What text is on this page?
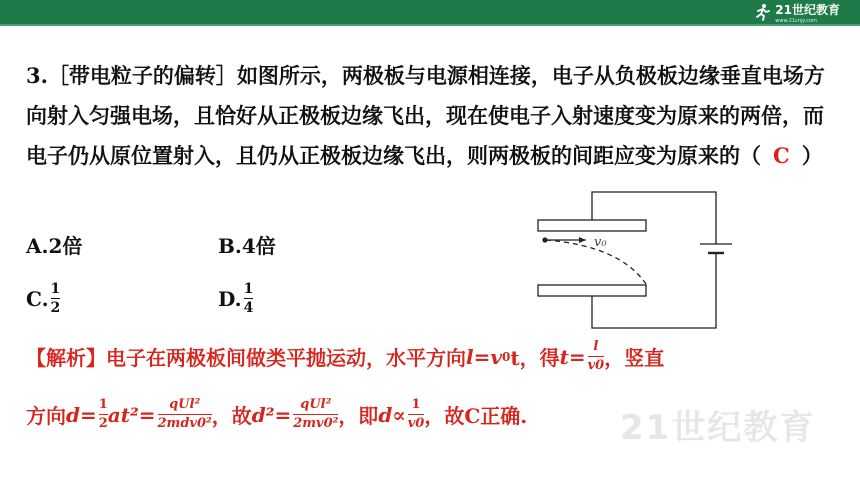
21世纪教育
www.21cnjy.com
3.［带电粒子的偏转］如图所示，两极板与电源相连接，电子从负极板边缘垂直电场方向射入匀强电场，且恰好从正极板边缘飞出，现在使电子入射速度变为原来的两倍，而电子仍从原位置射入，且仍从正极板边缘飞出，则两极板的间距应变为原来的（ C ）
A.2倍	B.4倍
C. $\frac{1}{2}$	D. $\frac{1}{4}$
v₀
【解析】 电子在两极板间做类平抛运动，水平方向 l=v 0 t，得 $t= \frac{l}{v0}$ ，竖直
方向 $d= \frac{1}{2} at^2= \frac{\text{qUl²}}{\text{2mdv0²}}$ ，故 $d^2= \frac{\text{qUl²}}{\text{2mv0²}}$ ，即 $d\propto \frac{1}{v0}$ ，故C正确.	21世纪教育
